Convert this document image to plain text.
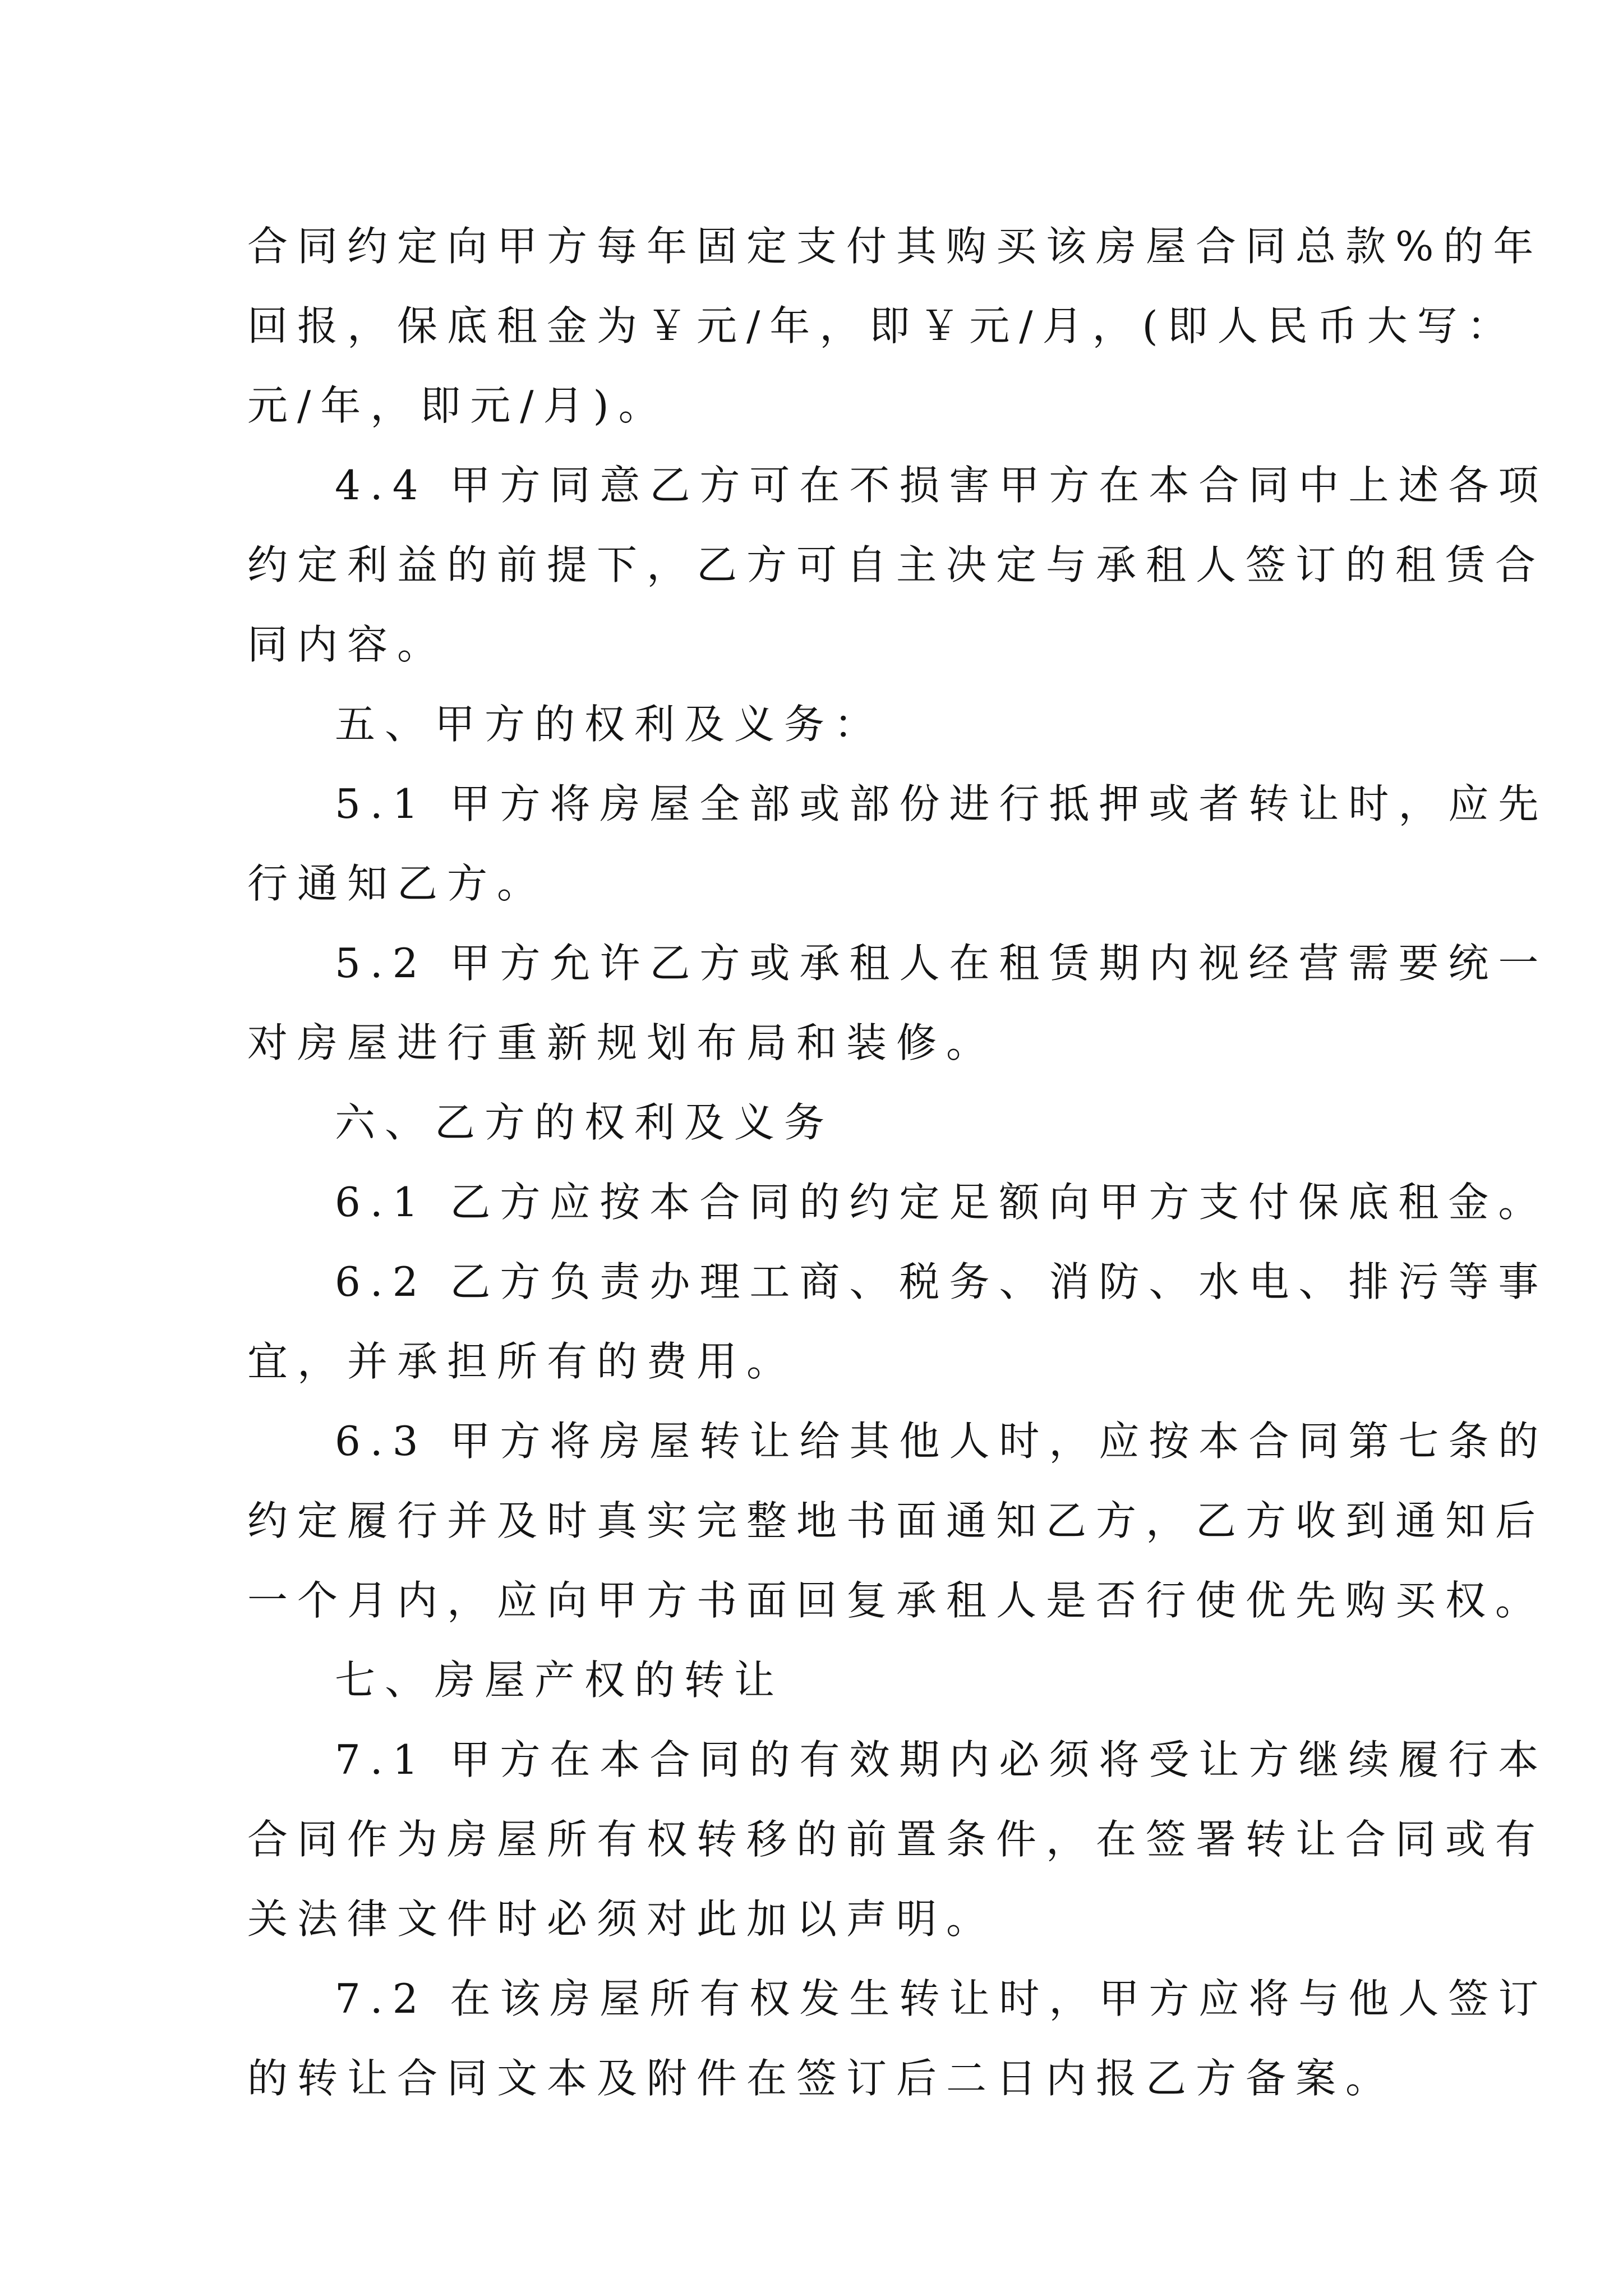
合同约定向甲方每年固定支付其购买该房屋合同总款%的年
回报，保底租金为￥元/年，即￥元/月，(即人民币大写：
元/年，即元/月)。
4.4 甲方同意乙方可在不损害甲方在本合同中上述各项
约定利益的前提下，乙方可自主决定与承租人签订的租赁合
同内容。
五、甲方的权利及义务：
5.1 甲方将房屋全部或部份进行抵押或者转让时，应先
行通知乙方。
5.2 甲方允许乙方或承租人在租赁期内视经营需要统一
对房屋进行重新规划布局和装修。
六、乙方的权利及义务
6.1 乙方应按本合同的约定足额向甲方支付保底租金。
6.2 乙方负责办理工商、税务、消防、水电、排污等事
宜，并承担所有的费用。
6.3 甲方将房屋转让给其他人时，应按本合同第七条的
约定履行并及时真实完整地书面通知乙方，乙方收到通知后
一个月内，应向甲方书面回复承租人是否行使优先购买权。
七、房屋产权的转让
7.1 甲方在本合同的有效期内必须将受让方继续履行本
合同作为房屋所有权转移的前置条件，在签署转让合同或有
关法律文件时必须对此加以声明。
7.2 在该房屋所有权发生转让时，甲方应将与他人签订
的转让合同文本及附件在签订后二日内报乙方备案。
